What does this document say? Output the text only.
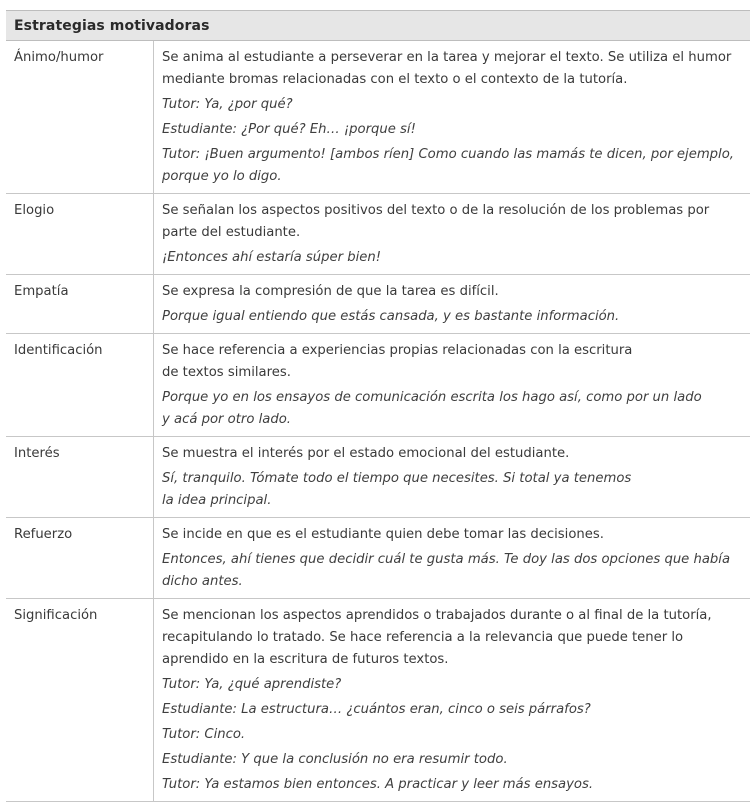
Estrategias motivadoras
Ánimo/humor	Se anima al estudiante a perseverar en la tarea y mejorar el texto. Se utiliza el humor
mediante bromas relacionadas con el texto o el contexto de la tutoría.
Tutor: Ya, ¿por qué?
Estudiante: ¿Por qué? Eh… ¡porque sí!
Tutor: ¡Buen argumento! [ambos ríen] Como cuando las mamás te dicen, por ejemplo,
porque yo lo digo.
Elogio	Se señalan los aspectos positivos del texto o de la resolución de los problemas por
parte del estudiante.
¡Entonces ahí estaría súper bien!
Empatía	Se expresa la compresión de que la tarea es difícil.
Porque igual entiendo que estás cansada, y es bastante información.
Identificación	Se hace referencia a experiencias propias relacionadas con la escritura
de textos similares.
Porque yo en los ensayos de comunicación escrita los hago así, como por un lado
y acá por otro lado.
Interés	Se muestra el interés por el estado emocional del estudiante.
Sí, tranquilo. Tómate todo el tiempo que necesites. Si total ya tenemos
la idea principal.
Refuerzo	Se incide en que es el estudiante quien debe tomar las decisiones.
Entonces, ahí tienes que decidir cuál te gusta más. Te doy las dos opciones que había
dicho antes.
Significación	Se mencionan los aspectos aprendidos o trabajados durante o al final de la tutoría,
recapitulando lo tratado. Se hace referencia a la relevancia que puede tener lo
aprendido en la escritura de futuros textos.
Tutor: Ya, ¿qué aprendiste?
Estudiante: La estructura… ¿cuántos eran, cinco o seis párrafos?
Tutor: Cinco.
Estudiante: Y que la conclusión no era resumir todo.
Tutor: Ya estamos bien entonces. A practicar y leer más ensayos.
